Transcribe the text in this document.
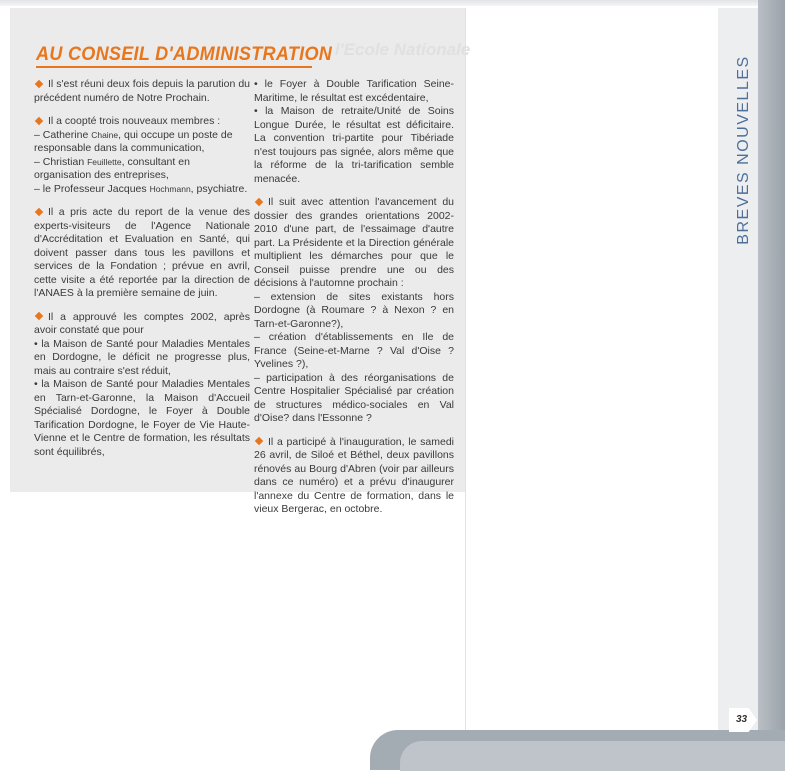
... l'Ecole Nationale
BREVES NOUVELLES
33
AU CONSEIL D'ADMINISTRATION

Il s'est réuni deux fois depuis la parution du précédent numéro de Notre Prochain.

Il a coopté trois nouveaux membres :
– Catherine Chaine, qui occupe un poste de responsable dans la communication,
– Christian Feuillette, consultant en organisation des entreprises,
– le Professeur Jacques Hochmann, psychiatre.

Il a pris acte du report de la venue des experts-visiteurs de l'Agence Nationale d'Accréditation et Evaluation en Santé, qui doivent passer dans tous les pavillons et services de la Fondation ; prévue en avril, cette visite a été reportée par la direction de l'ANAES à la première semaine de juin.

Il a approuvé les comptes 2002, après avoir constaté que pour
• la Maison de Santé pour Maladies Mentales en Dordogne, le déficit ne progresse plus, mais au contraire s'est réduit,
• la Maison de Santé pour Maladies Mentales en Tarn-et-Garonne, la Maison d'Accueil Spécialisé Dordogne, le Foyer à Double Tarification Dordogne, le Foyer de Vie Haute-Vienne et le Centre de formation, les résultats sont équilibrés,

• le Foyer à Double Tarification Seine-Maritime, le résultat est excédentaire,
• la Maison de retraite/Unité de Soins Longue Durée, le résultat est déficitaire. La convention tri-partite pour Tibériade n'est toujours pas signée, alors même que la réforme de la tri-tarification semble menacée.

Il suit avec attention l'avancement du dossier des grandes orientations 2002-2010 d'une part, de l'essaimage d'autre part. La Présidente et la Direction générale multiplient les démarches pour que le Conseil puisse prendre une ou des décisions à l'automne prochain :
– extension de sites existants hors Dordogne (à Roumare ? à Nexon ? en Tarn-et-Garonne?),
– création d'établissements en Ile de France (Seine-et-Marne ? Val d'Oise ? Yvelines ?),
– participation à des réorganisations de Centre Hospitalier Spécialisé par création de structures médico-sociales en Val d'Oise? dans l'Essonne ?

Il a participé à l'inauguration, le samedi 26 avril, de Siloé et Béthel, deux pavillons rénovés au Bourg d'Abren (voir par ailleurs dans ce numéro) et a prévu d'inaugurer l'annexe du Centre de formation, dans le vieux Bergerac, en octobre.
